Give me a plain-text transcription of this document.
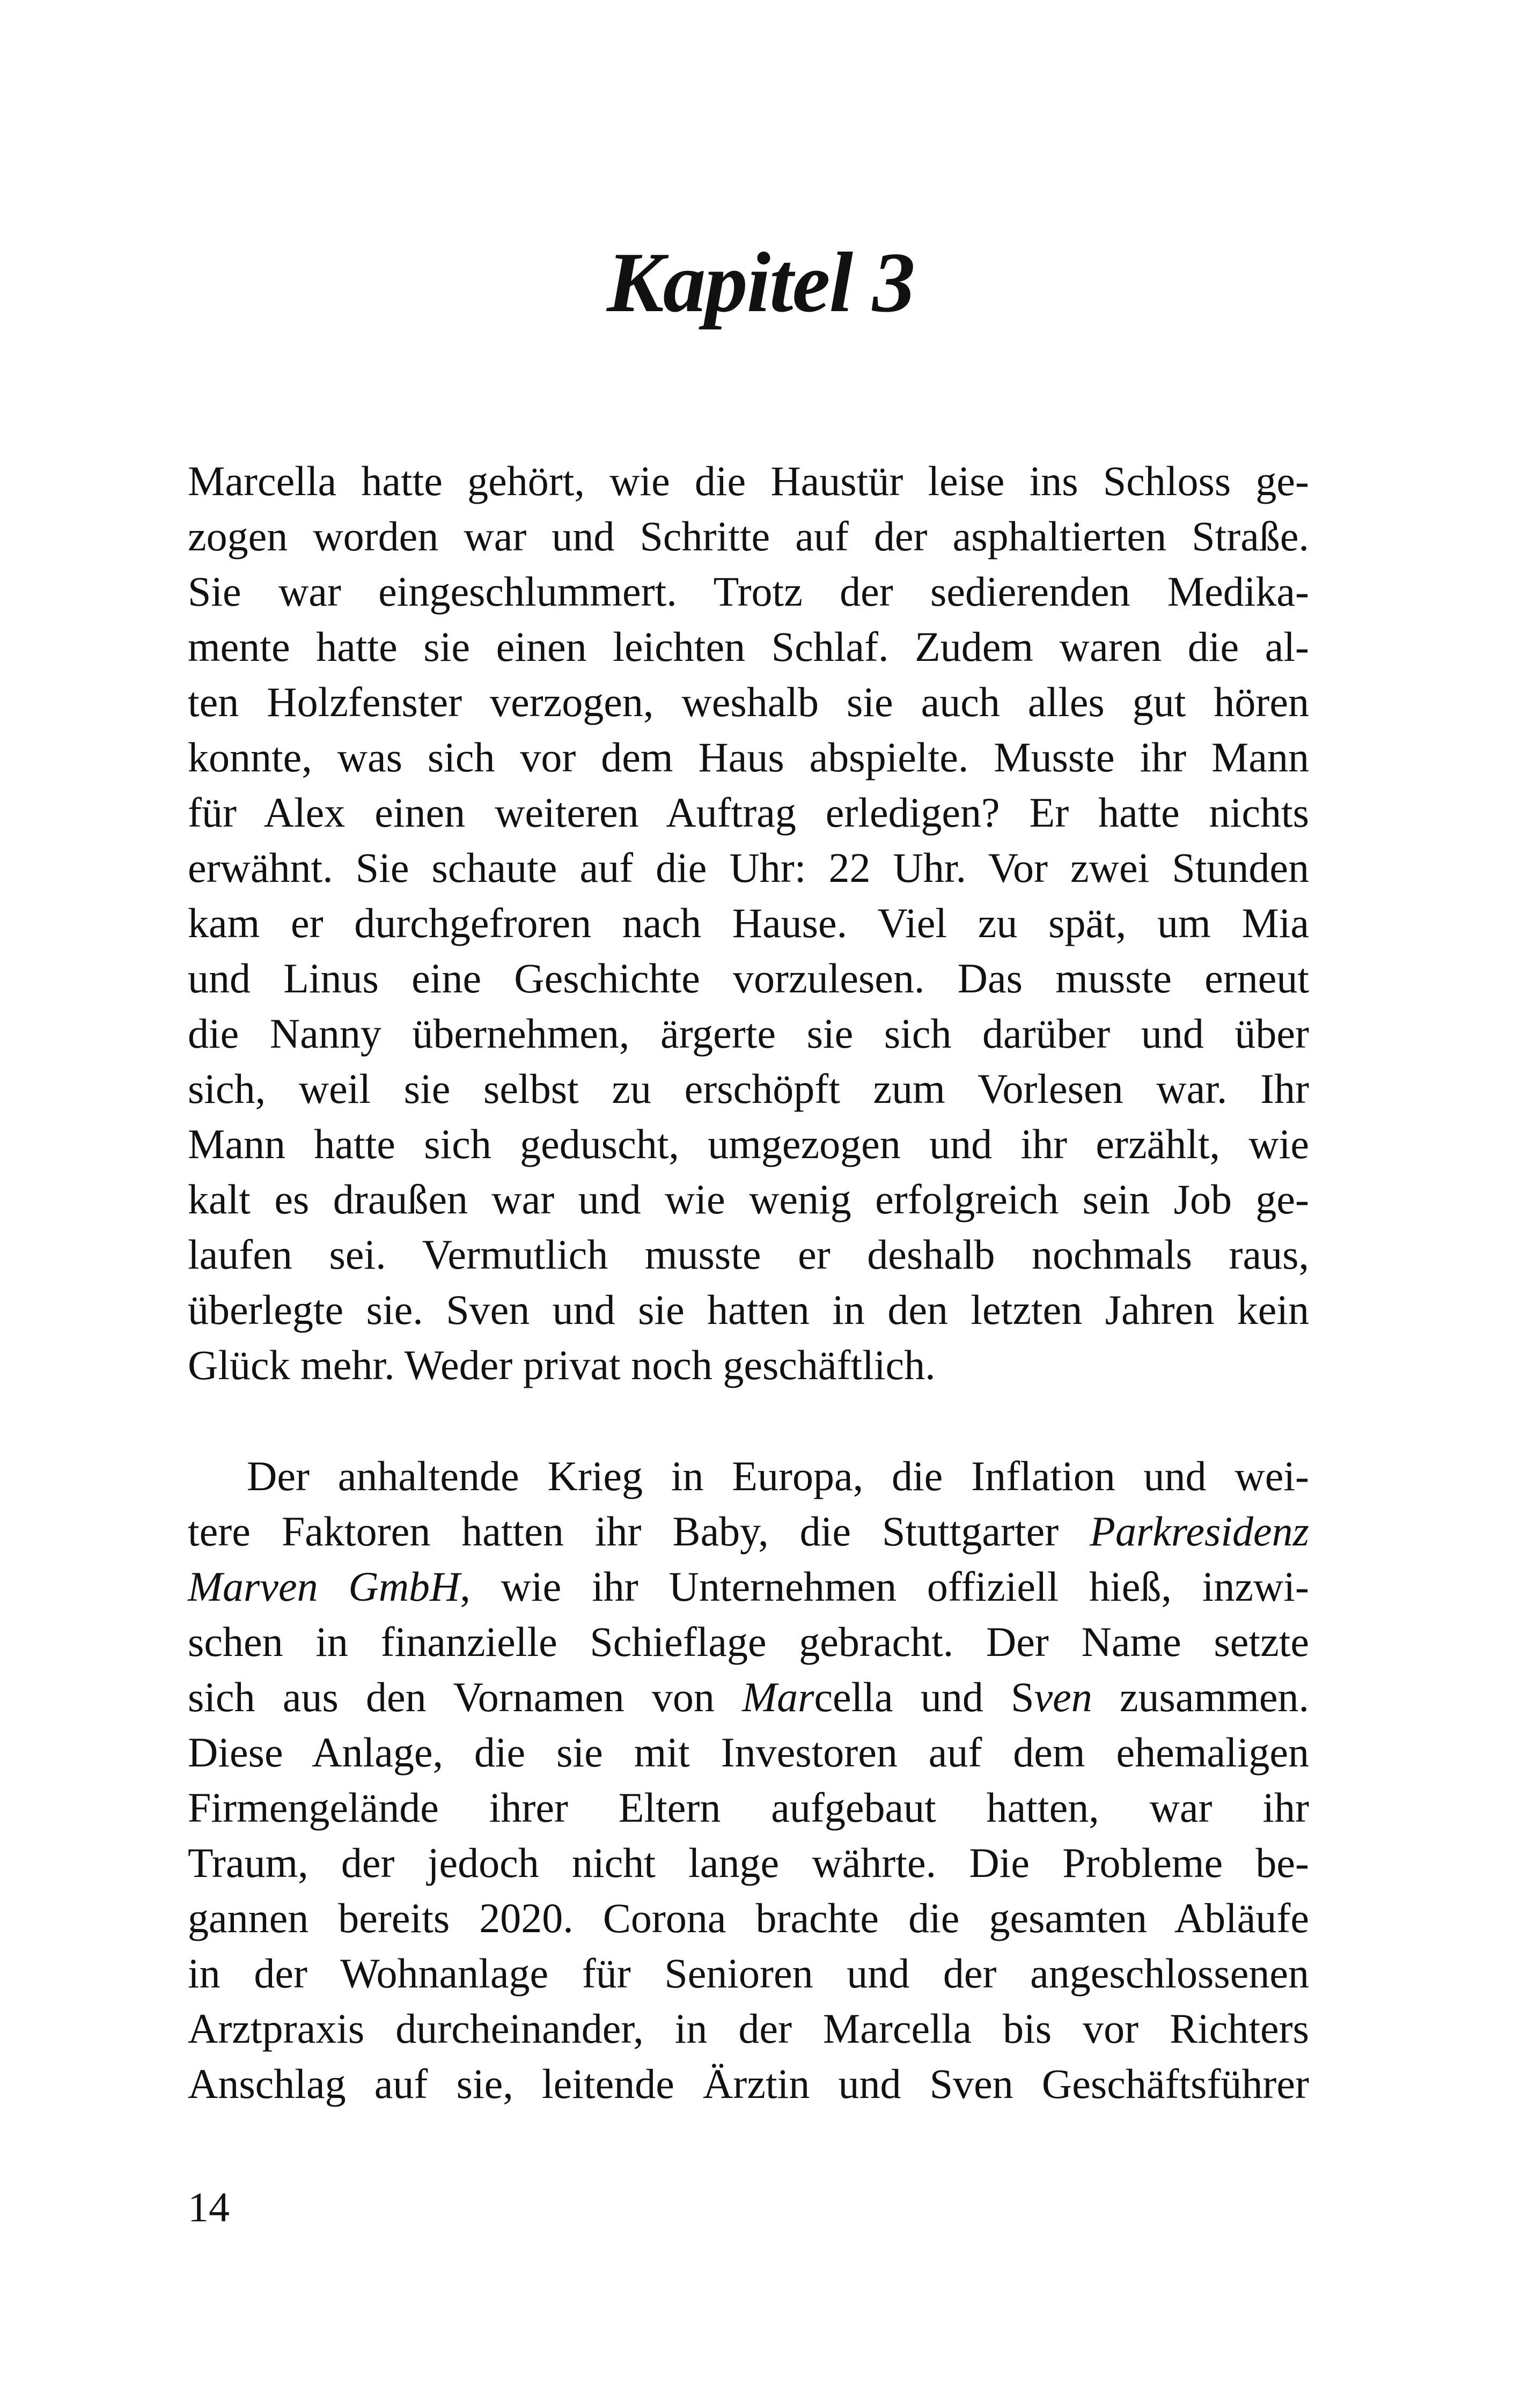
Kapitel 3
Marcella hatte gehört, wie die Haustür leise ins Schloss ge-
zogen worden war und Schritte auf der asphaltierten Straße.
Sie war eingeschlummert. Trotz der sedierenden Medika-
mente hatte sie einen leichten Schlaf. Zudem waren die al-
ten Holzfenster verzogen, weshalb sie auch alles gut hören
konnte, was sich vor dem Haus abspielte. Musste ihr Mann
für Alex einen weiteren Auftrag erledigen? Er hatte nichts
erwähnt. Sie schaute auf die Uhr: 22 Uhr. Vor zwei Stunden
kam er durchgefroren nach Hause. Viel zu spät, um Mia
und Linus eine Geschichte vorzulesen. Das musste erneut
die Nanny übernehmen, ärgerte sie sich darüber und über
sich, weil sie selbst zu erschöpft zum Vorlesen war. Ihr
Mann hatte sich geduscht, umgezogen und ihr erzählt, wie
kalt es draußen war und wie wenig erfolgreich sein Job ge-
laufen sei. Vermutlich musste er deshalb nochmals raus,
überlegte sie. Sven und sie hatten in den letzten Jahren kein
Glück mehr. Weder privat noch geschäftlich.
Der anhaltende Krieg in Europa, die Inflation und wei-
tere Faktoren hatten ihr Baby, die Stuttgarter Parkresidenz
Marven GmbH, wie ihr Unternehmen offiziell hieß, inzwi-
schen in finanzielle Schieflage gebracht. Der Name setzte
sich aus den Vornamen von Marcella und Sven zusammen.
Diese Anlage, die sie mit Investoren auf dem ehemaligen
Firmengelände ihrer Eltern aufgebaut hatten, war ihr
Traum, der jedoch nicht lange währte. Die Probleme be-
gannen bereits 2020. Corona brachte die gesamten Abläufe
in der Wohnanlage für Senioren und der angeschlossenen
Arztpraxis durcheinander, in der Marcella bis vor Richters
Anschlag auf sie, leitende Ärztin und Sven Geschäftsführer

14
